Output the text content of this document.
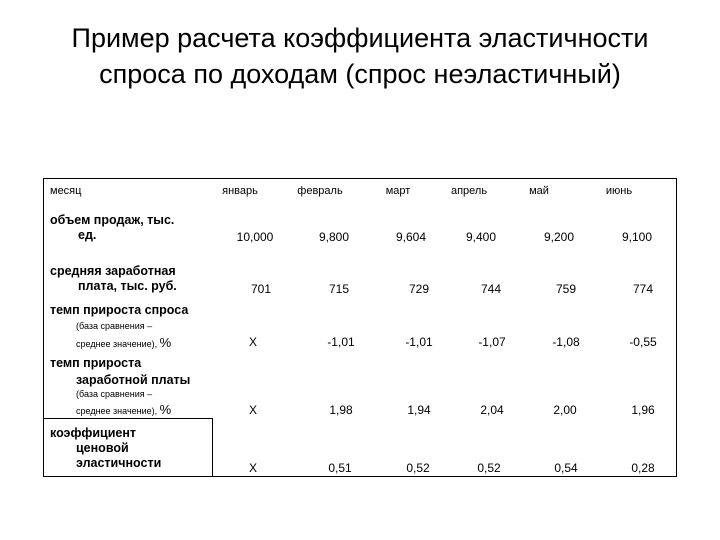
Пример расчета коэффициента эластичности
спроса по доходам (спрос неэластичный)
месяц	январь	февраль	март	апрель	май	июнь
объем продаж, тыс.
ед.	10,000	9,800	9,604	9,400	9,200	9,100
средняя заработная
плата, тыс. руб.	701	715	729	744	759	774
темп прироста спроса
(база сравнения –
среднее значение), %	X	-1,01	-1,01	-1,07	-1,08	-0,55
темп прироста
заработной платы
(база сравнения –
среднее значение), %	X	1,98	1,94	2,04	2,00	1,96
коэффициент
ценовой
эластичности	X	0,51	0,52	0,52	0,54	0,28
